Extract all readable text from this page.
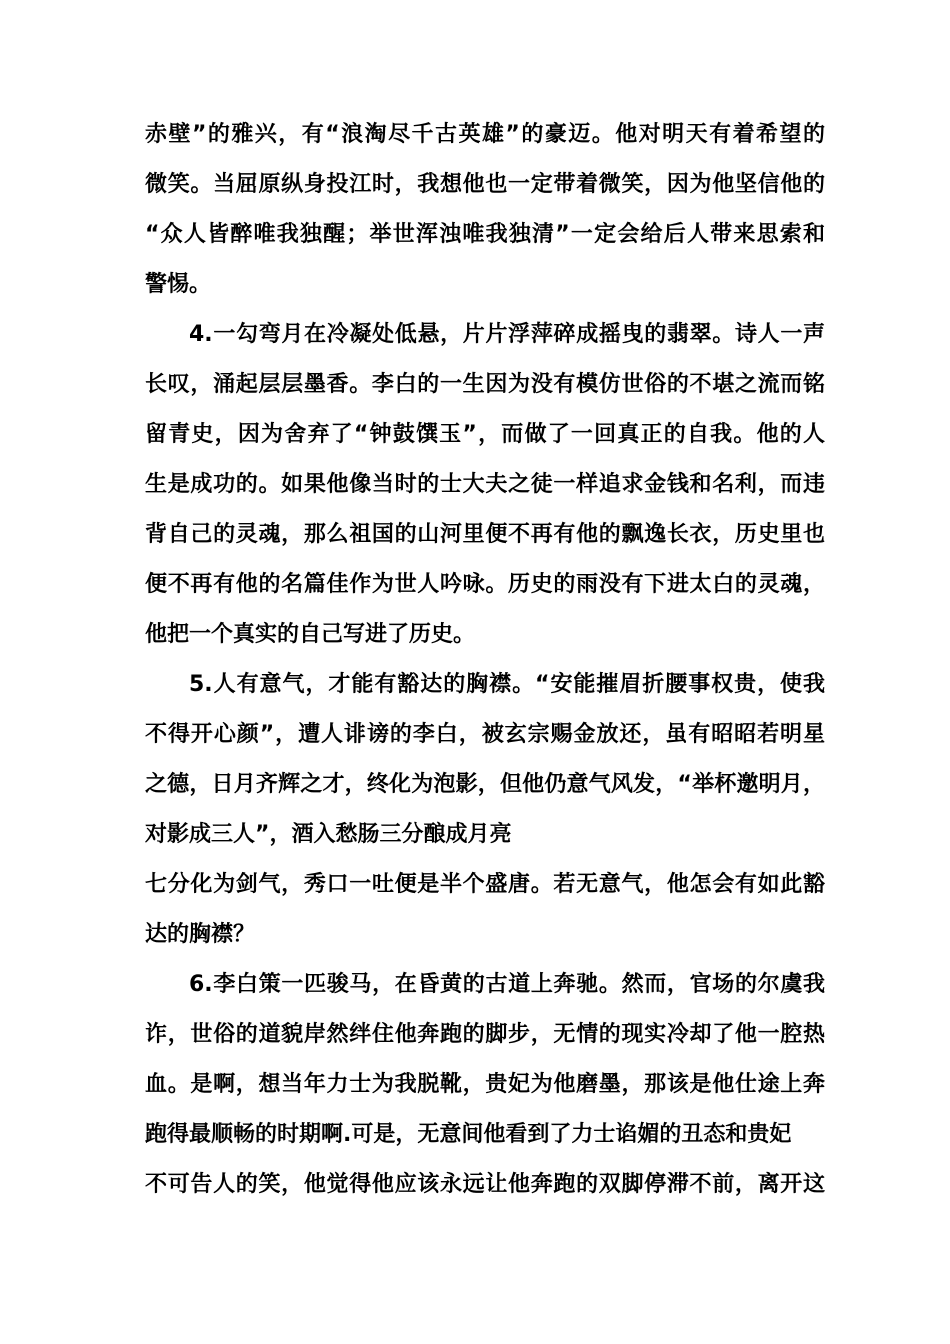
赤壁”的雅兴，有“浪淘尽千古英雄”的豪迈。他对明天有着希望的
微笑。当屈原纵身投江时，我想他也一定带着微笑，因为他坚信他的
“众人皆醉唯我独醒；举世浑浊唯我独清”一定会给后人带来思索和
警惕。
4.一勾弯月在冷凝处低悬，片片浮萍碎成摇曳的翡翠。诗人一声
长叹，涌起层层墨香。李白的一生因为没有模仿世俗的不堪之流而铭
留青史，因为舍弃了“钟鼓馔玉”，而做了一回真正的自我。他的人
生是成功的。如果他像当时的士大夫之徒一样追求金钱和名利，而违
背自己的灵魂，那么祖国的山河里便不再有他的飘逸长衣，历史里也
便不再有他的名篇佳作为世人吟咏。历史的雨没有下进太白的灵魂，
他把一个真实的自己写进了历史。
5.人有意气，才能有豁达的胸襟。“安能摧眉折腰事权贵，使我
不得开心颜”，遭人诽谤的李白，被玄宗赐金放还，虽有昭昭若明星
之德，日月齐辉之才，终化为泡影，但他仍意气风发，“举杯邀明月，
对影成三人”，酒入愁肠三分酿成月亮
七分化为剑气，秀口一吐便是半个盛唐。若无意气，他怎会有如此豁
达的胸襟？
6.李白策一匹骏马，在昏黄的古道上奔驰。然而，官场的尔虞我
诈，世俗的道貌岸然绊住他奔跑的脚步，无情的现实冷却了他一腔热
血。是啊，想当年力士为我脱靴，贵妃为他磨墨，那该是他仕途上奔
跑得最顺畅的时期啊.可是，无意间他看到了力士谄媚的丑态和贵妃
不可告人的笑，他觉得他应该永远让他奔跑的双脚停滞不前，离开这
